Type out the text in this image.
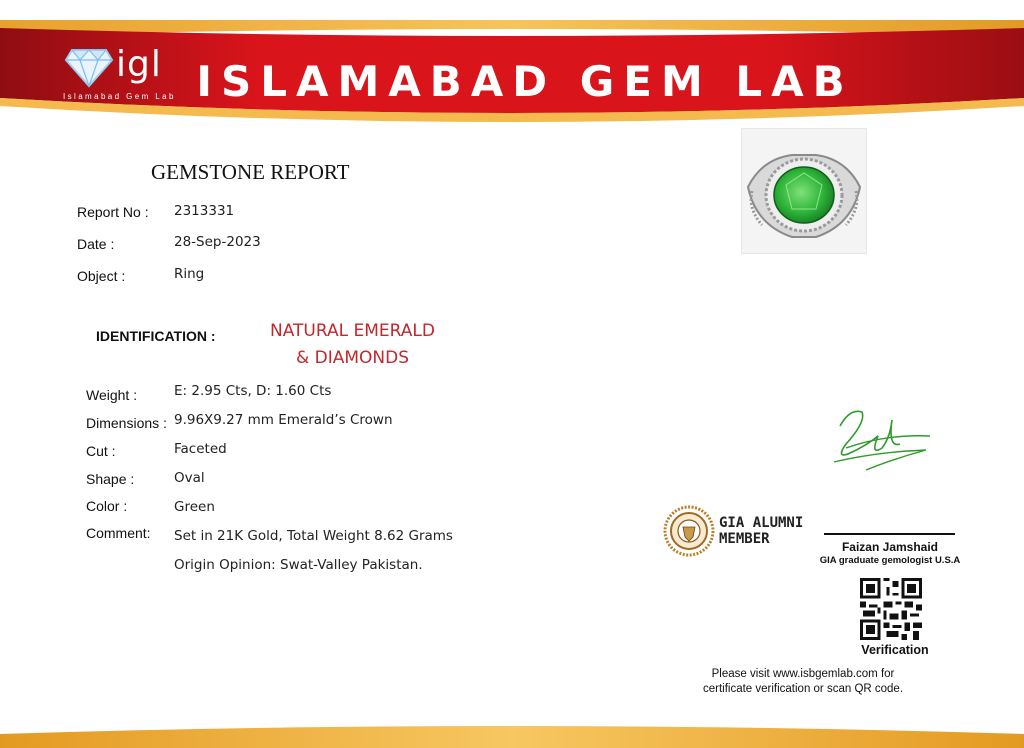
ISLAMABAD GEM LAB
igl
Islamabad Gem Lab
GEMSTONE REPORT
Report No : 2313331
Date :	28-Sep-2023
Object :	Ring
IDENTIFICATION :	NATURAL EMERALD
& DIAMONDS
Weight :	E: 2.95 Cts, D: 1.60 Cts
Dimensions : 9.96X9.27 mm Emerald’s Crown
Cut :	Faceted
Shape :	Oval
Color :	Green
Comment: Set in 21K Gold, Total Weight 8.62 Grams
Origin Opinion: Swat-Valley Pakistan.
GIA ALUMNI
MEMBER	Faizan Jamshaid
GIA graduate gemologist U.S.A
Verification
Please visit www.isbgemlab.com for
certificate verification or scan QR code.
